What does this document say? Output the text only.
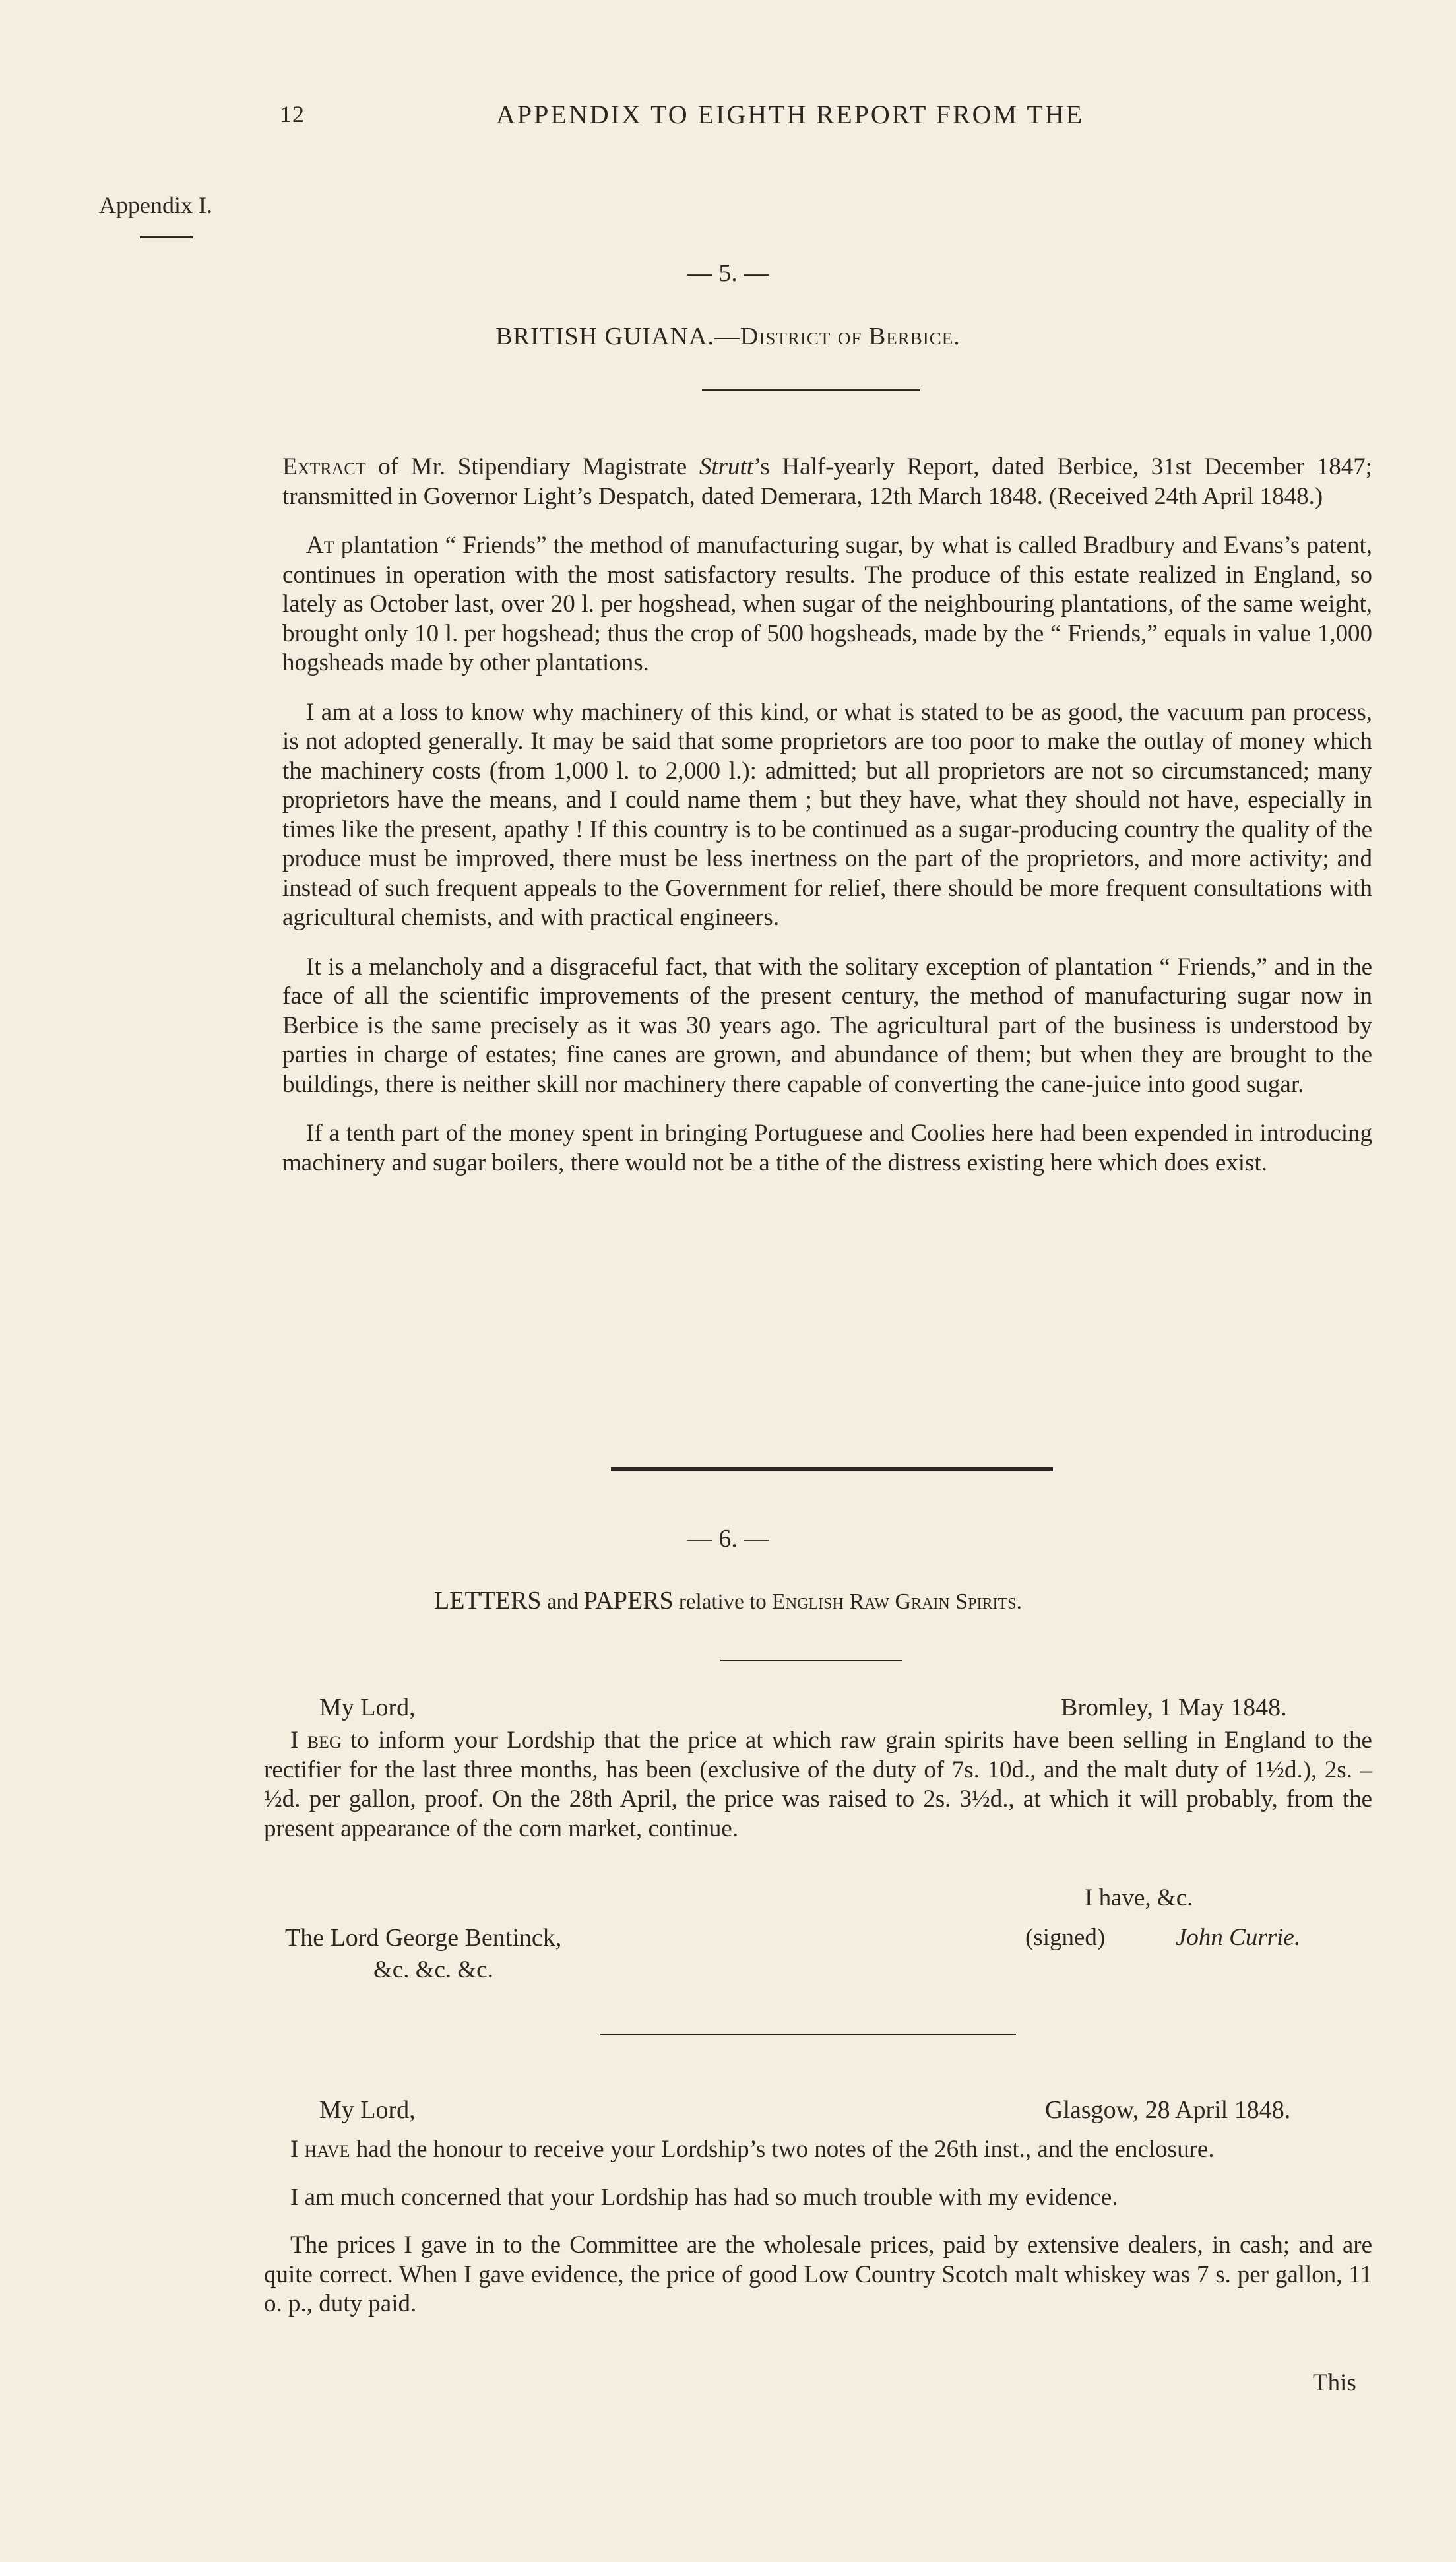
12	APPENDIX TO EIGHTH REPORT FROM THE
Appendix I.
— 5. —
BRITISH GUIANA.—District of Berbice.

Extract of Mr. Stipendiary Magistrate Strutt’s Half-yearly Report, dated Berbice, 31st December 1847; transmitted in Governor Light’s Despatch, dated Demerara, 12th March 1848. (Received 24th April 1848.)

At plantation “ Friends” the method of manufacturing sugar, by what is called Bradbury and Evans’s patent, continues in operation with the most satisfactory results. The produce of this estate realized in England, so lately as October last, over 20 l. per hogshead, when sugar of the neighbouring plantations, of the same weight, brought only 10 l. per hogshead; thus the crop of 500 hogsheads, made by the “ Friends,” equals in value 1,000 hogsheads made by other plantations.

I am at a loss to know why machinery of this kind, or what is stated to be as good, the vacuum pan process, is not adopted generally. It may be said that some proprietors are too poor to make the outlay of money which the machinery costs (from 1,000 l. to 2,000 l.): admitted; but all proprietors are not so circumstanced; many proprietors have the means, and I could name them ; but they have, what they should not have, especially in times like the present, apathy ! If this country is to be continued as a sugar-producing country the quality of the produce must be improved, there must be less inertness on the part of the proprietors, and more activity; and instead of such frequent appeals to the Government for relief, there should be more frequent consultations with agricultural chemists, and with practical engineers.

It is a melancholy and a disgraceful fact, that with the solitary exception of plantation “ Friends,” and in the face of all the scientific improvements of the present century, the method of manufacturing sugar now in Berbice is the same precisely as it was 30 years ago. The agricultural part of the business is understood by parties in charge of estates; fine canes are grown, and abundance of them; but when they are brought to the buildings, there is neither skill nor machinery there capable of converting the cane-juice into good sugar.

If a tenth part of the money spent in bringing Portuguese and Coolies here had been expended in introducing machinery and sugar boilers, there would not be a tithe of the distress existing here which does exist.

— 6. —
LETTERS and PAPERS relative to English Raw Grain Spirits.
My Lord,	Bromley, 1 May 1848.

I beg to inform your Lordship that the price at which raw grain spirits have been selling in England to the rectifier for the last three months, has been (exclusive of the duty of 7s. 10d., and the malt duty of 1½d.), 2s. –½d. per gallon, proof. On the 28th April, the price was raised to 2s. 3½d., at which it will probably, from the present appearance of the corn market, continue.

I have, &c.
The Lord George Bentinck,
&c. &c. &c.
(signed)	John Currie.
My Lord,	Glasgow, 28 April 1848.

I have had the honour to receive your Lordship’s two notes of the 26th inst., and the enclosure.

I am much concerned that your Lordship has had so much trouble with my evidence.

The prices I gave in to the Committee are the wholesale prices, paid by extensive dealers, in cash; and are quite correct. When I gave evidence, the price of good Low Country Scotch malt whiskey was 7 s. per gallon, 11 o. p., duty paid.

This
